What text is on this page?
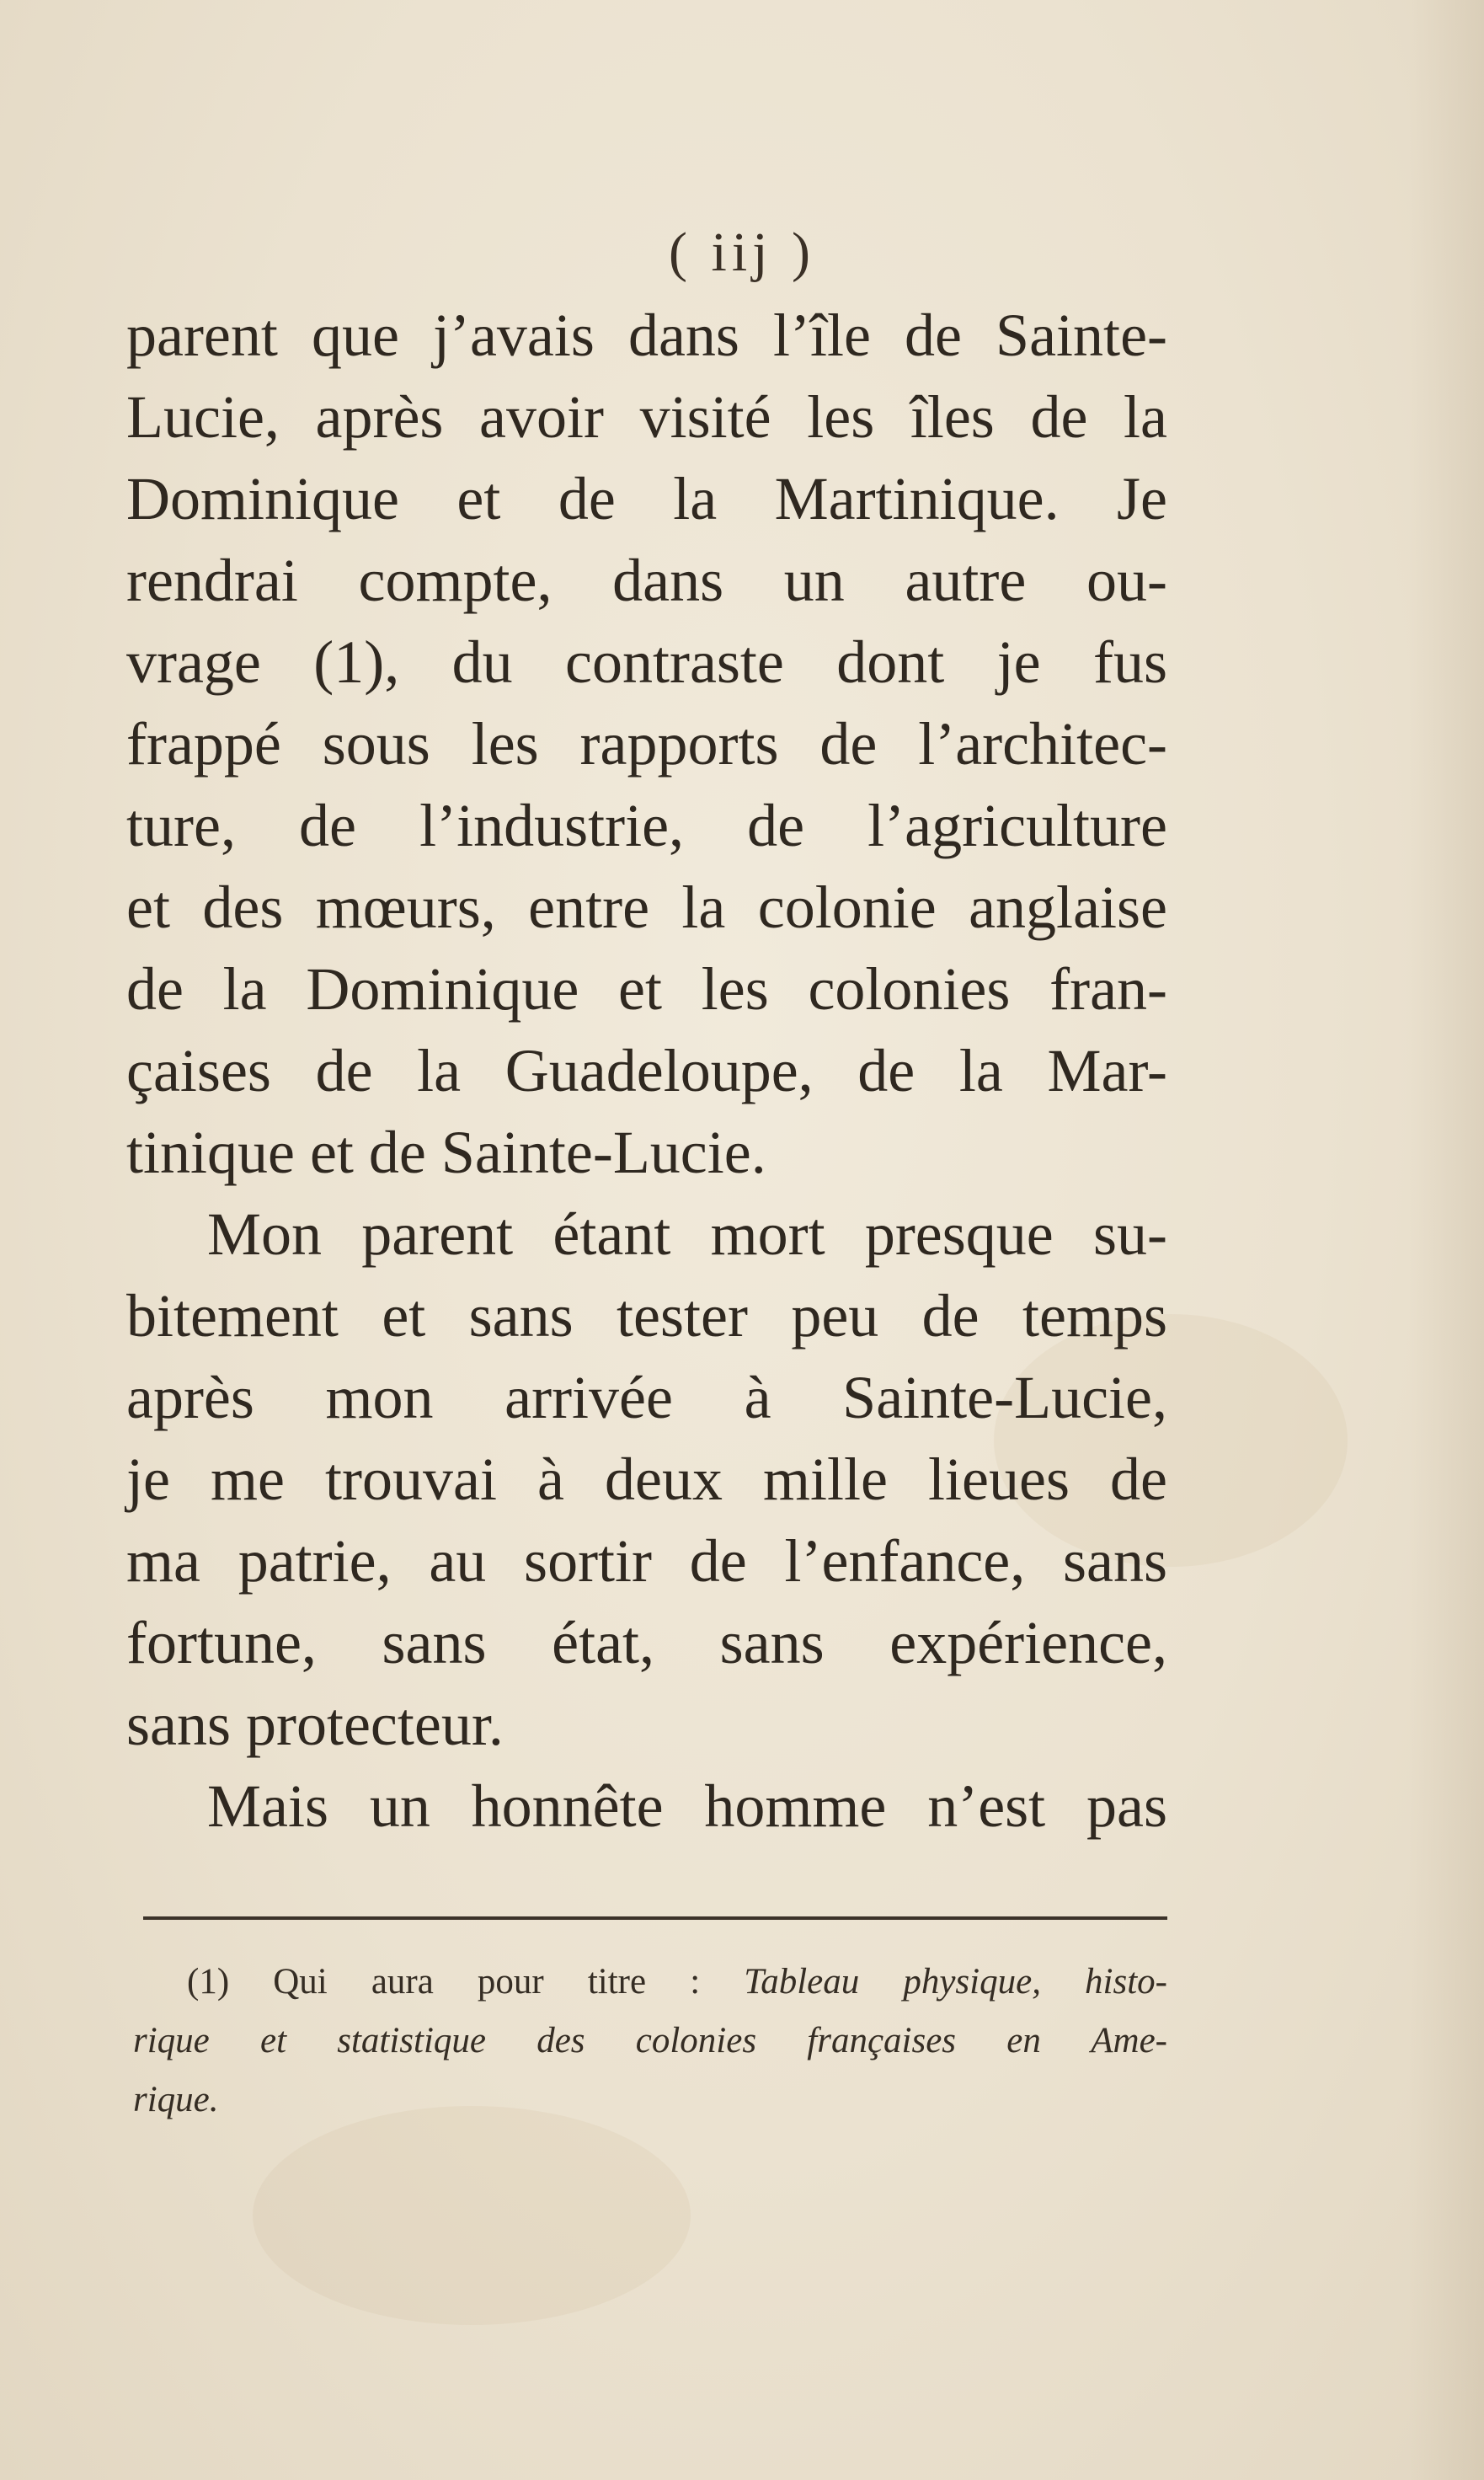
( iij )
parent que j’avais dans l’île de Sainte-
Lucie, après avoir visité les îles de la
Dominique et de la Martinique. Je
rendrai compte, dans un autre ou-
vrage (1), du contraste dont je fus
frappé sous les rapports de l’architec-
ture, de l’industrie, de l’agriculture
et des mœurs, entre la colonie anglaise
de la Dominique et les colonies fran-
çaises de la Guadeloupe, de la Mar-
tinique et de Sainte-Lucie.
Mon parent étant mort presque su-
bitement et sans tester peu de temps
après mon arrivée à Sainte-Lucie,
je me trouvai à deux mille lieues de
ma patrie, au sortir de l’enfance, sans
fortune, sans état, sans expérience,
sans protecteur.
Mais un honnête homme n’est pas
(1) Qui aura pour titre : Tableau physique, histo-
rique et statistique des colonies françaises en Ame-
rique.
